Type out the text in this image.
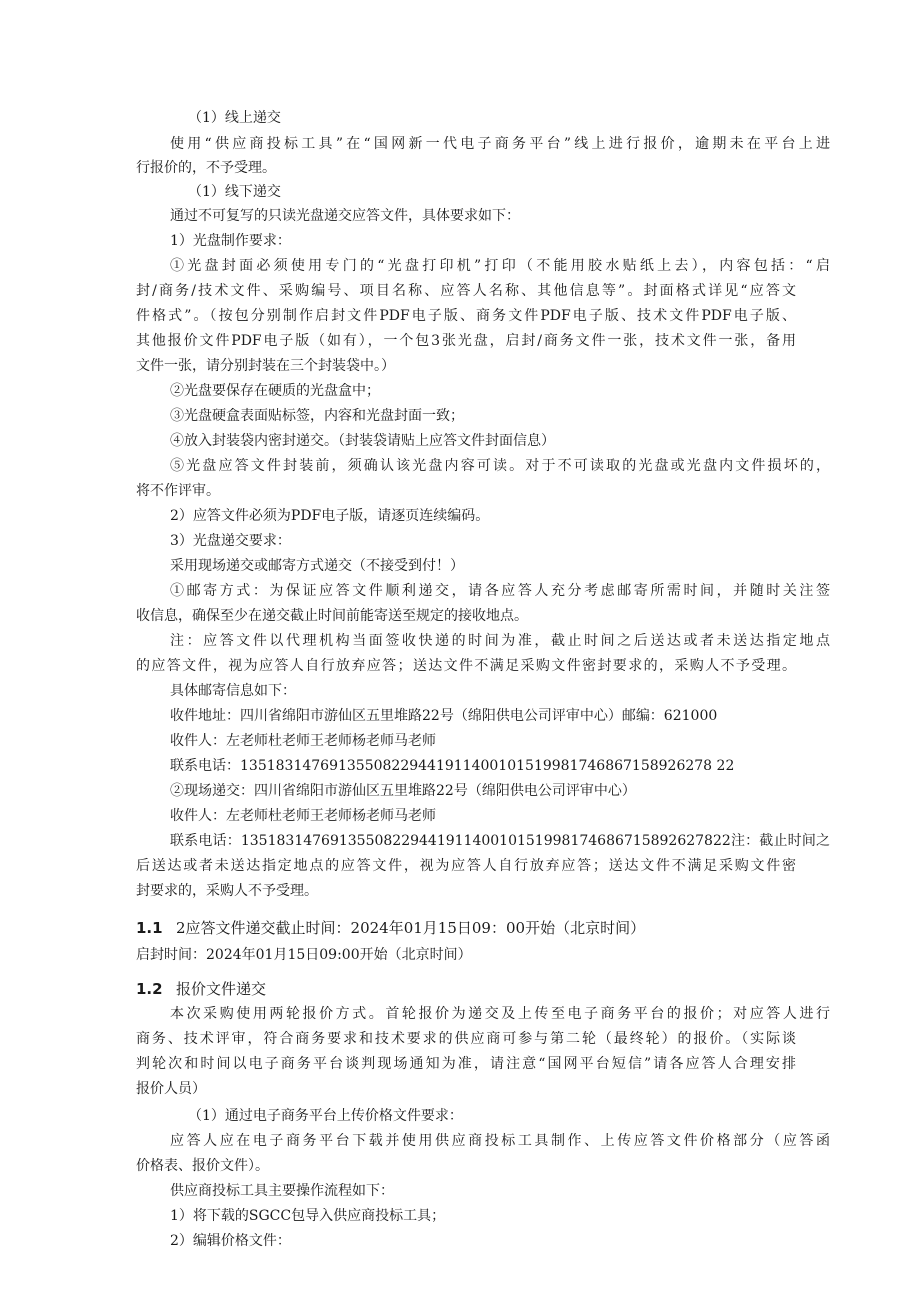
（1）线上递交
使用“供应商投标工具”在“国网新一代电子商务平台”线上进行报价，逾期未在平台上进
行报价的，不予受理。
（1）线下递交
通过不可复写的只读光盘递交应答文件，具体要求如下：
1）光盘制作要求：
①光盘封面必须使用专门的“光盘打印机”打印（不能用胶水贴纸上去），内容包括：“启
封/商务/技术文件、采购编号、项目名称、应答人名称、其他信息等”。封面格式详见“应答文
件格式”。（按包分别制作启封文件PDF电子版、商务文件PDF电子版、技术文件PDF电子版、
其他报价文件PDF电子版（如有），一个包3张光盘，启封/商务文件一张，技术文件一张，备用
文件一张，请分别封装在三个封装袋中。）
②光盘要保存在硬质的光盘盒中；
③光盘硬盒表面贴标签，内容和光盘封面一致；
④放入封装袋内密封递交。（封装袋请贴上应答文件封面信息）
⑤光盘应答文件封装前，须确认该光盘内容可读。对于不可读取的光盘或光盘内文件损坏的，
将不作评审。
2）应答文件必须为PDF电子版，请逐页连续编码。
3）光盘递交要求：
采用现场递交或邮寄方式递交（不接受到付！）
①邮寄方式：为保证应答文件顺利递交，请各应答人充分考虑邮寄所需时间，并随时关注签
收信息，确保至少在递交截止时间前能寄送至规定的接收地点。
注：应答文件以代理机构当面签收快递的时间为准，截止时间之后送达或者未送达指定地点
的应答文件，视为应答人自行放弃应答；送达文件不满足采购文件密封要求的，采购人不予受理。
具体邮寄信息如下：
收件地址：四川省绵阳市游仙区五里堆路22号（绵阳供电公司评审中心）邮编：621000
收件人：左老师杜老师王老师杨老师马老师
联系电话：13518314769135508229441911400101519981746867158926278 22
②现场递交：四川省绵阳市游仙区五里堆路22号（绵阳供电公司评审中心）
收件人：左老师杜老师王老师杨老师马老师
联系电话：1351831476913550822944191140010151998174686715892627822注：截止时间之
后送达或者未送达指定地点的应答文件，视为应答人自行放弃应答；送达文件不满足采购文件密
封要求的，采购人不予受理。
1.1 2应答文件递交截止时间：2024年01月15日09：00开始（北京时间）
启封时间：2024年01月15日09:00开始（北京时间）
1.2 报价文件递交
本次采购使用两轮报价方式。首轮报价为递交及上传至电子商务平台的报价；对应答人进行
商务、技术评审，符合商务要求和技术要求的供应商可参与第二轮（最终轮）的报价。（实际谈
判轮次和时间以电子商务平台谈判现场通知为准，请注意“国网平台短信”请各应答人合理安排
报价人员）
（1）通过电子商务平台上传价格文件要求：
应答人应在电子商务平台下载并使用供应商投标工具制作、上传应答文件价格部分（应答函
价格表、报价文件）。
供应商投标工具主要操作流程如下：
1）将下载的SGCC包导入供应商投标工具；
2）编辑价格文件：
